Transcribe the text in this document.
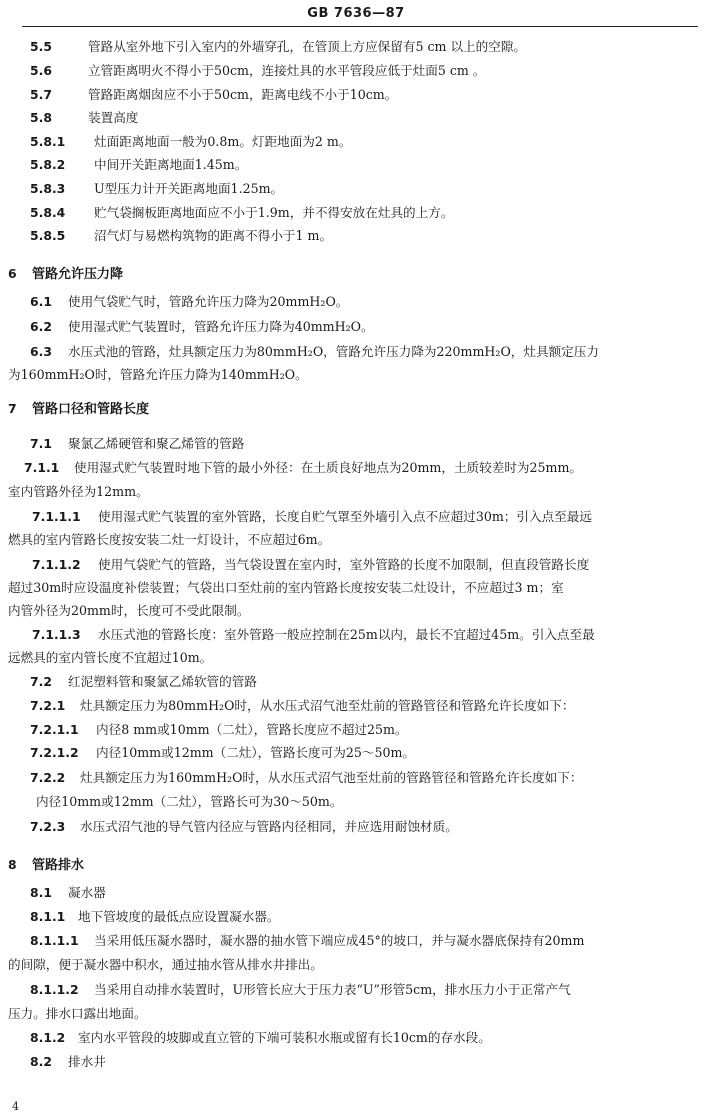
GB 7636—87
5.5	管路从室外地下引入室内的外墙穿孔，在管顶上方应保留有5 cm 以上的空隙。
5.6	立管距离明火不得小于50cm，连接灶具的水平管段应低于灶面5 cm 。
5.7	管路距离烟囱应不小于50cm，距离电线不小于10cm。
5.8	装置高度
5.8.1 灶面距离地面一般为0.8m。灯距地面为2 m。
5.8.2 中间开关距离地面1.45m。
5.8.3 U型压力计开关距离地面1.25m。
5.8.4 贮气袋搁板距离地面应不小于1.9m，并不得安放在灶具的上方。
5.8.5 沼气灯与易燃构筑物的距离不得小于1 m。
6 管路允许压力降
6.1 使用气袋贮气时，管路允许压力降为20mmH₂O。
6.2 使用湿式贮气装置时，管路允许压力降为40mmH₂O。
6.3 水压式池的管路，灶具额定压力为80mmH₂O，管路允许压力降为220mmH₂O，灶具额定压力
为160mmH₂O时，管路允许压力降为140mmH₂O。
7 管路口径和管路长度
7.1 聚氯乙烯硬管和聚乙烯管的管路
7.1.1 使用湿式贮气装置时地下管的最小外径：在土质良好地点为20mm，土质较差时为25mm。
室内管路外径为12mm。
7.1.1.1 使用湿式贮气装置的室外管路，长度自贮气罩至外墙引入点不应超过30m；引入点至最远
燃具的室内管路长度按安装二灶一灯设计，不应超过6m。
7.1.1.2 使用气袋贮气的管路，当气袋设置在室内时，室外管路的长度不加限制，但直段管路长度
超过30m时应设温度补偿装置；气袋出口至灶前的室内管路长度按安装二灶设计，不应超过3 m；室
内管外径为20mm时，长度可不受此限制。
7.1.1.3 水压式池的管路长度：室外管路一般应控制在25m以内，最长不宜超过45m。引入点至最
远燃具的室内管长度不宜超过10m。
7.2 红泥塑料管和聚氯乙烯软管的管路
7.2.1 灶具额定压力为80mmH₂O时，从水压式沼气池至灶前的管路管径和管路允许长度如下：
7.2.1.1 内径8 mm或10mm（二灶），管路长度应不超过25m。
7.2.1.2 内径10mm或12mm（二灶），管路长度可为25～50m。
7.2.2 灶具额定压力为160mmH₂O时，从水压式沼气池至灶前的管路管径和管路允许长度如下：
内径10mm或12mm（二灶），管路长可为30～50m。
7.2.3 水压式沼气池的导气管内径应与管路内径相同，并应选用耐蚀材质。
8 管路排水
8.1 凝水器
8.1.1 地下管坡度的最低点应设置凝水器。
8.1.1.1 当采用低压凝水器时，凝水器的抽水管下端应成45°的坡口，并与凝水器底保持有20mm
的间隙，便于凝水器中积水，通过抽水管从排水井排出。
8.1.1.2 当采用自动排水装置时，U形管长应大于压力表“U”形管5cm，排水压力小于正常产气
压力。排水口露出地面。
8.1.2 室内水平管段的坡脚或直立管的下端可装积水瓶或留有长10cm的存水段。
8.2 排水井
4
